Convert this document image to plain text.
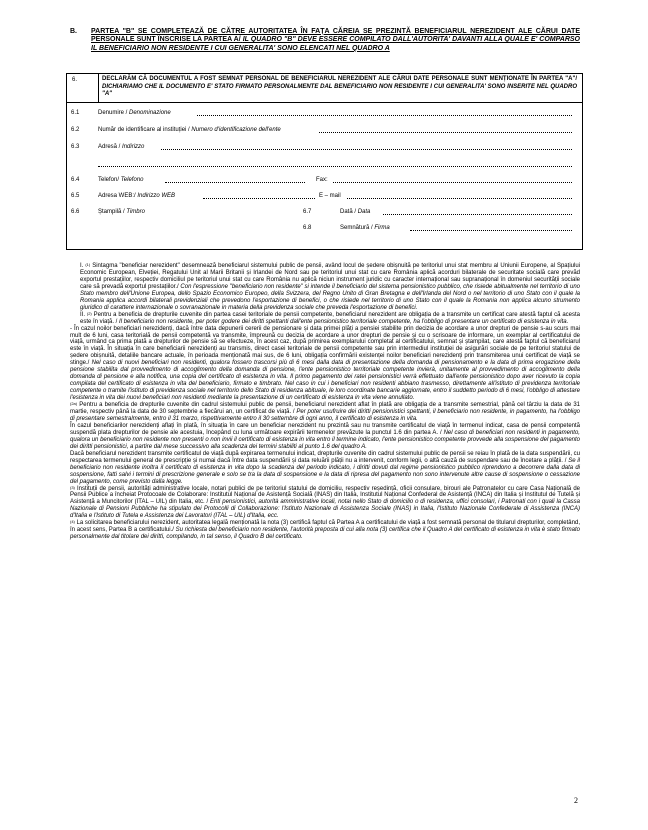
B. PARTEA "B" SE COMPLETEAZĂ DE CĂTRE AUTORITATEA ÎN FAȚA CĂREIA SE PREZINTĂ BENEFICIARUL NEREZIDENT ALE CĂRUI DATE PERSONALE SUNT ÎNSCRISE LA PARTEA A/ IL QUADRO "B" DEVE ESSERE COMPILATO DALL'AUTORITA' DAVANTI ALLA QUALE E' COMPARSO IL BENEFICIARIO NON RESIDENTE I CUI GENERALITA' SONO ELENCATI NEL QUADRO A
6.	DECLARĂM CĂ DOCUMENTUL A FOST SEMNAT PERSONAL DE BENEFICIARUL NEREZIDENT ALE CĂRUI DATE PERSONALE SUNT MENȚIONATE ÎN PARTEA "A"/ DICHIARIAMO CHE IL DOCUMENTO E' STATO FIRMATO PERSONALMENTE DAL BENEFICIARIO NON RESIDENTE I CUI GENERALITA' SONO INSERITE NEL QUADRO "A"

6.1	Denumire / Denominazione
6.2	Număr de identificare al instituției / Numero d'identificazione dell'ente
6.3	Adresă / Indirizzo
6.4	Telefon/ Telefono	Fax:
6.5	Adresa WEB:/ Indirizzo WEB	E – mail
6.6	Ștampilă / Timbro	6.7	Dată / Data
6.8	Semnătură / Firma

I. $^{(1)}$ Sintagma "beneficiar nerezident" desemnează beneficiarul sistemului public de pensii, având locul de ședere obișnuită pe teritoriul unui stat membru al Uniunii Europene, al Spațiului Economic European, Elveției, Regatului Unit al Marii Britanii și Irlandei de Nord sau pe teritoriul unui stat cu care România aplică acorduri bilaterale de securitate socială care prevăd exportul prestațiilor, respectiv domiciliul pe teritoriul unui stat cu care România nu aplică niciun instrument juridic cu caracter internațional sau supranațional în domeniul securității sociale care să prevadă exportul prestațiilor./ Con l'espressione "beneficiario non residente" si intende il beneficiario del sistema pensionistico pubblico, che risiede abitualmente nel territorio di uno Stato membro dell'Unione Europea, dello Spazio Economico Europeo, della Svizzera, del Regno Unito di Gran Bretagna e dell'Irlanda del Nord o nel territorio di uno Stato con il quale la Romania applica accordi bilaterali previdenziali che prevedono l'esportazione di benefici, o che risiede nel territorio di uno Stato con il quale la Romania non applica alcuno strumento giuridico di carattere internazionale o sovranazionale in materia della previdenza sociale che preveda l'esportazione di benefici.

II. $^{(2)}$ Pentru a beneficia de drepturile cuvenite din partea casei teritoriale de pensii competente, beneficiarul nerezident are obligația de a transmite un certificat care atestă faptul că acesta este în viață. / Il beneficiario non residente, per poter godere dei diritti spettanti dall'ente pensionistico territoriale competente, ha l'obbligo di presentare un certificato di esistenza in vita.

- În cazul noilor beneficiari nerezidenți, dacă între data depunerii cererii de pensionare și data primei plăți a pensiei stabilite prin decizia de acordare a unor drepturi de pensie s-au scurs mai mult de 6 luni, casa teritorială de pensii competentă va transmite, împreună cu decizia de acordare a unor drepturi de pensie și cu o scrisoare de informare, un exemplar al certificatului de viață, urmând ca prima plată a drepturilor de pensie să se efectueze, în acest caz, după primirea exemplarului completat al certificatului, semnat și ștampilat, care atestă faptul că beneficiarul este în viață. În situația în care beneficiarii nerezidenți au transmis, direct casei teritoriale de pensii competente sau prin intermediul instituției de asigurări sociale de pe teritoriul statului de ședere obișnuită, detaliile bancare actuale, în perioada menționată mai sus, de 6 luni, obligația confirmării existenței noilor beneficiari nerezidenți prin transmiterea unui certificat de viață se stinge./ Nel caso di nuovi beneficiari non residenti, qualora fossero trascorsi più di 6 mesi dalla data di presentazione della domanda di pensionamento e la data di prima erogazione della pensione stabilita dal provvedimento di accoglimento della domanda di pensione, l'ente pensionistico territoriale competente invierà, unitamente al provvedimento di accoglimento della domanda di pensione e alla notifica, una copia del certificato di esistenza in vita. Il primo pagamento dei ratei pensionistici verrà effettuato dall'ente pensionistico dopo aver ricevuto la copia compilata del certificato di esistenza in vita del beneficiario, firmato e timbrato. Nel caso in cui i beneficiari non residenti abbiano trasmesso, direttamente all'istituto di previdenza territoriale competente o tramite l'istituto di previdenza sociale nel territorio dello Stato di residenza abituale, le loro coordinate bancarie aggiornate, entro il suddetto periodo di 6 mesi, l'obbligo di attestare l'esistenza in vita dei nuovi beneficiari non residenti mediante la presentazione di un certificato di esistenza in vita viene annullato.

$^{(2a)}$ Pentru a beneficia de drepturile cuvenite din cadrul sistemului public de pensii, beneficiarul nerezident aflat în plată are obligația de a transmite semestrial, până cel târziu la data de 31 martie, respectiv până la data de 30 septembrie a fiecărui an, un certificat de viață. / Per poter usufruire dei diritti pensionistici spettanti, il beneficiario non residente, in pagamento, ha l'obbligo di presentare semestralmente, entro il 31 marzo, rispettivamente entro il 30 settembre di ogni anno, il certificato di esistenza in vita.

În cazul beneficiarilor nerezidenți aflați în plată, în situația în care un beneficiar nerezident nu prezintă sau nu transmite certificatul de viață în termenul indicat, casa de pensii competentă suspendă plata drepturilor de pensie ale acestuia, începând cu luna următoare expirării termenelor prevăzute la punctul 1.6 din partea A. / Nel caso di beneficiari non residenti in pagamento, qualora un beneficiario non residente non presenti o non invii il certificato di esistenza in vita entro il termine indicato, l'ente pensionistico competente provvede alla sospensione del pagamento dei diritti pensionistici, a partire dal mese successivo alla scadenza dei termini stabiliti al punto 1.6 del quadro A.

Dacă beneficiarul nerezident transmite certificatul de viață după expirarea termenului indicat, drepturile cuvenite din cadrul sistemului public de pensii se reiau în plată de la data suspendării, cu respectarea termenului general de prescripție și numai dacă între data suspendării și data reluării plății nu a intervenit, conform legii, o altă cauză de suspendare sau de încetare a plății. / Se il beneficiario non residente inoltra il certificato di esistenza in vita dopo la scadenza del periodo indicato, i diritti dovuti dal regime pensionistico pubblico riprendono a decorrere dalla data di sospensione, fatti salvi i termini di prescrizione generale e solo se tra la data di sospensione e la data di ripresa del pagamento non sono intervenute altre cause di sospensione o cessazione del pagamento, come previsto dalla legge.

$^{(3)}$ Instituții de pensii, autorități administrative locale, notari publici de pe teritoriul statului de domiciliu, respectiv reședință, oficii consulare, birouri ale Patronatelor cu care Casa Națională de Pensii Publice a încheiat Protocoale de Colaborare: Institutul Național de Asistență Socială (INAS) din Italia, Institutul Național Confederal de Asistență (INCA) din Italia și Institutul de Tutelă și Asistență a Muncitorilor (ITAL – UIL) din Italia, etc. / Enti pensionistici, autorità amministrative locali, notai nello Stato di domicilio o di residenza, uffici consolari, i Patronati con i quali la Cassa Nazionale di Pensioni Pubbliche ha stipulato dei Protocolli di Collaborazione: l'Istituto Nazionale di Assistenza Sociale (INAS) in Italia, l'Istituto Nazionale Confederale di Assistenza (INCA) d'Italia e l'Istituto di Tutela e Assistenza dei Lavoratori (ITAL – UIL) d'Italia, ecc.

$^{(4)}$ La solicitarea beneficiarului nerezident, autoritatea legală menționată la nota (3) certifică faptul că Partea A a certificatului de viață a fost semnată personal de titularul drepturilor, completând, în acest sens, Partea B a certificatului./ Su richiesta del beneficiario non residente, l'autorità preposta di cui alla nota (3) certifica che il Quadro A del certificato di esistenza in vita è stato firmato personalmente dal titolare dei diritti, compilando, in tal senso, il Quadro B del certificato.

2
